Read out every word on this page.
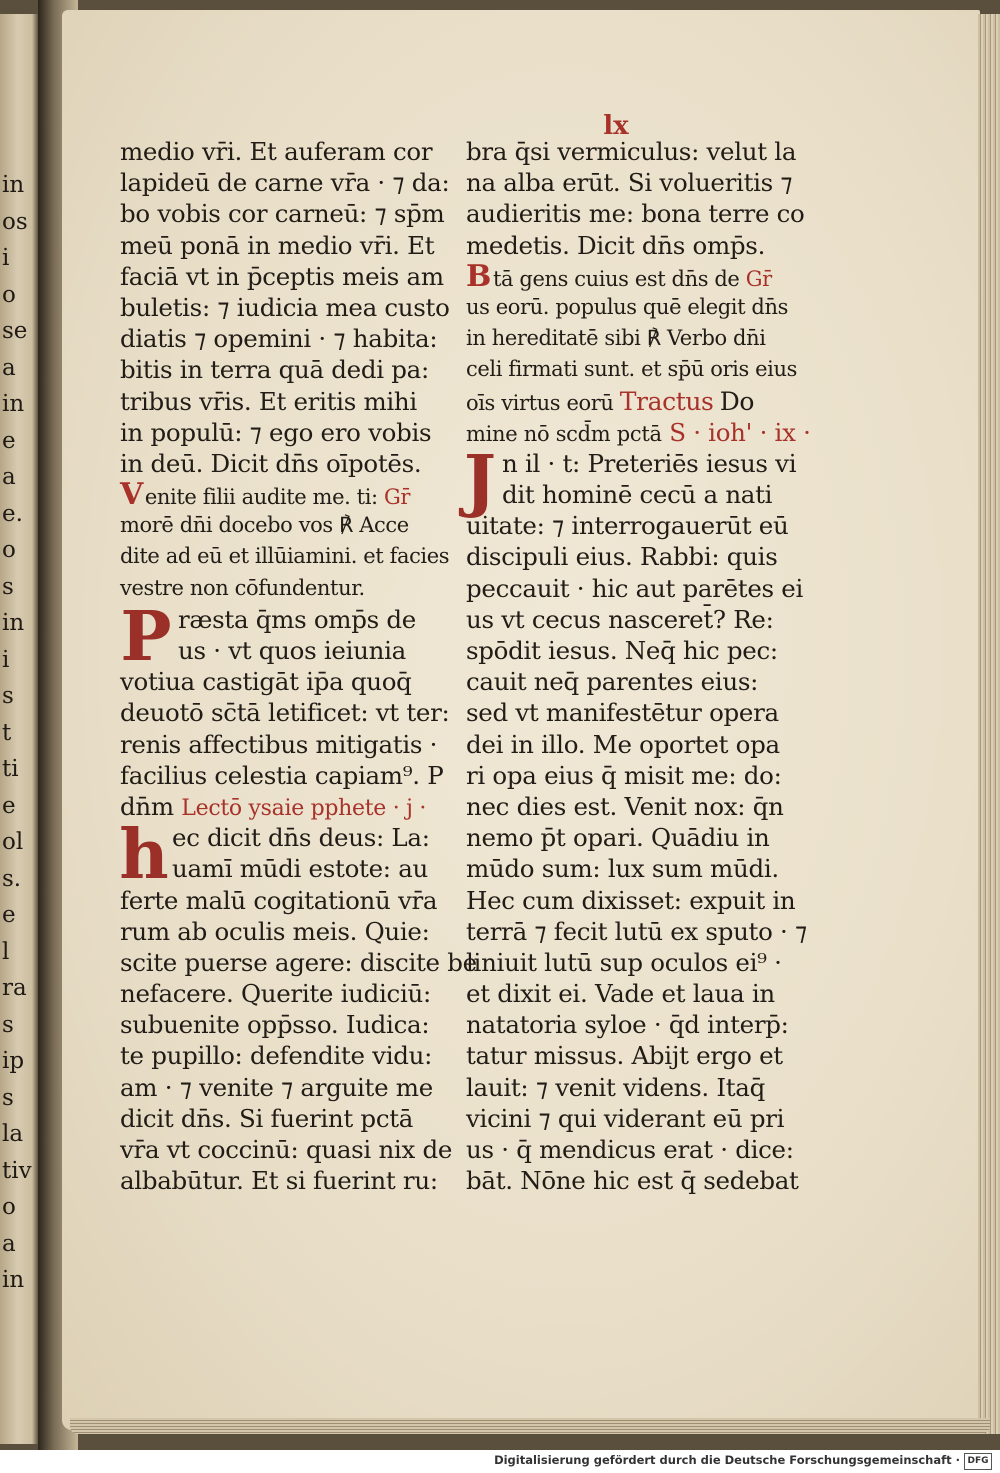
in
os
i
o
se
a
in
e
a
e.
o
s
in
i
s
t
ti
e
ol
s.
e
l
ra
s
ip
s
la
tiv
o
a
in
lx
medio vr̄i. Et auferam cor
lapideū de carne vr̄a · ⁊ da:
bo vobis cor carneū: ⁊ sp̄m
meū ponā in medio vr̄i. Et
faciā vt in p̄ceptis meis am
buletis: ⁊ iudicia mea custo
diatis ⁊ opemini · ⁊ habita:
bitis in terra quā dedi pa:
tribus vr̄is. Et eritis mihi
in populū: ⁊ ego ero vobis
in deū. Dicit dn̄s oīpotēs.
Venite filii audite me. ti: Gr̄
morē dn̄i docebo vos ℟ Acce
dite ad eū et illūiamini. et facies
vestre non cōfundentur.
P ræsta q̄ms omp̄s de
us · vt quos ieiunia
votiua castigāt ip̄a quoq̄
deuotō sc̄tā letificet: vt ter:
renis affectibus mitigatis ·
facilius celestia capiam⁹. P
dn̄m Lectō ysaie pphete · j ·
h ec dicit dn̄s deus: La:
uamī mūdi estote: au
ferte malū cogitationū vr̄a
rum ab oculis meis. Quie:
scite puerse agere: discite be
nefacere. Querite iudiciū:
subuenite opp̄sso. Iudica:
te pupillo: defendite vidu:
am · ⁊ venite ⁊ arguite me
dicit dn̄s. Si fuerint pctā
vr̄a vt coccinū: quasi nix de
albabūtur. Et si fuerint ru:
bra q̄si vermiculus: velut la
na alba erūt. Si volueritis ⁊
audieritis me: bona terre co
medetis. Dicit dn̄s omp̄s.
Btā gens cuius est dn̄s de Gr̄
us eorū. populus quē elegit dn̄s
in hereditatē sibi ℟ Verbo dn̄i
celi firmati sunt. et sp̄ū oris eius
oīs virtus eorū Tractus Do
mine nō scd̄m pctā S · ioh' · ix ·
J n il · t: Preteriēs iesus vi
dit hominē cecū a nati
uitate: ⁊ interrogauerūt eū
discipuli eius. Rabbi: quis
peccauit · hic aut parētes ei
us vt cecus nasceret̄? Re:
spōdit iesus. Neq̄ hic pec:
cauit neq̄ parentes eius:
sed vt manifestētur opera
dei in illo. Me oportet opa
ri opa eius q̄ misit me: do:
nec dies est. Venit nox: q̄n
nemo p̄t opari. Quādiu in
mūdo sum: lux sum mūdi.
Hec cum dixisset: expuit in
terrā ⁊ fecit lutū ex sputo · ⁊
liniuit lutū sup oculos ei⁹ ·
et dixit ei. Vade et laua in
natatoria syloe · q̄d interp̄:
tatur missus. Abijt ergo et
lauit: ⁊ venit videns. Itaq̄
vicini ⁊ qui viderant eū pri
us · q̄ mendicus erat · dice:
bāt. Nōne hic est q̄ sedebat
Digitalisierung gefördert durch die Deutsche Forschungsgemeinschaft · DFG
